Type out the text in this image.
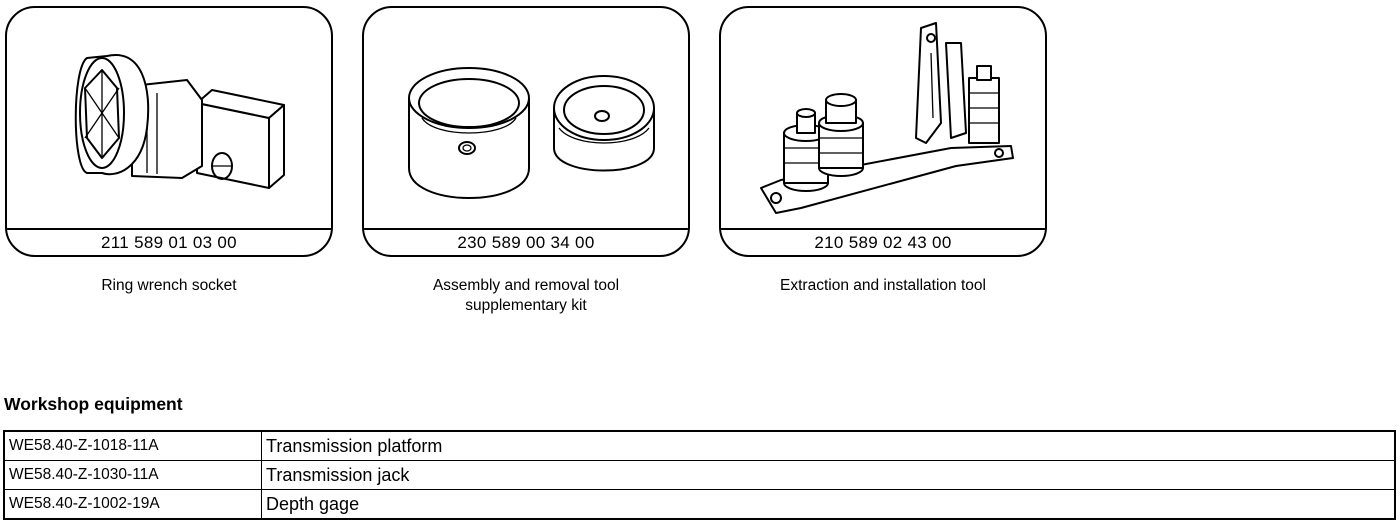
211 589 01 03 00
Ring wrench socket
230 589 00 34 00
Assembly and removal tool
supplementary kit
210 589 02 43 00
Extraction and installation tool
Workshop equipment
WE58.40-Z-1018-11A	Transmission platform
WE58.40-Z-1030-11A	Transmission jack
WE58.40-Z-1002-19A	Depth gage
